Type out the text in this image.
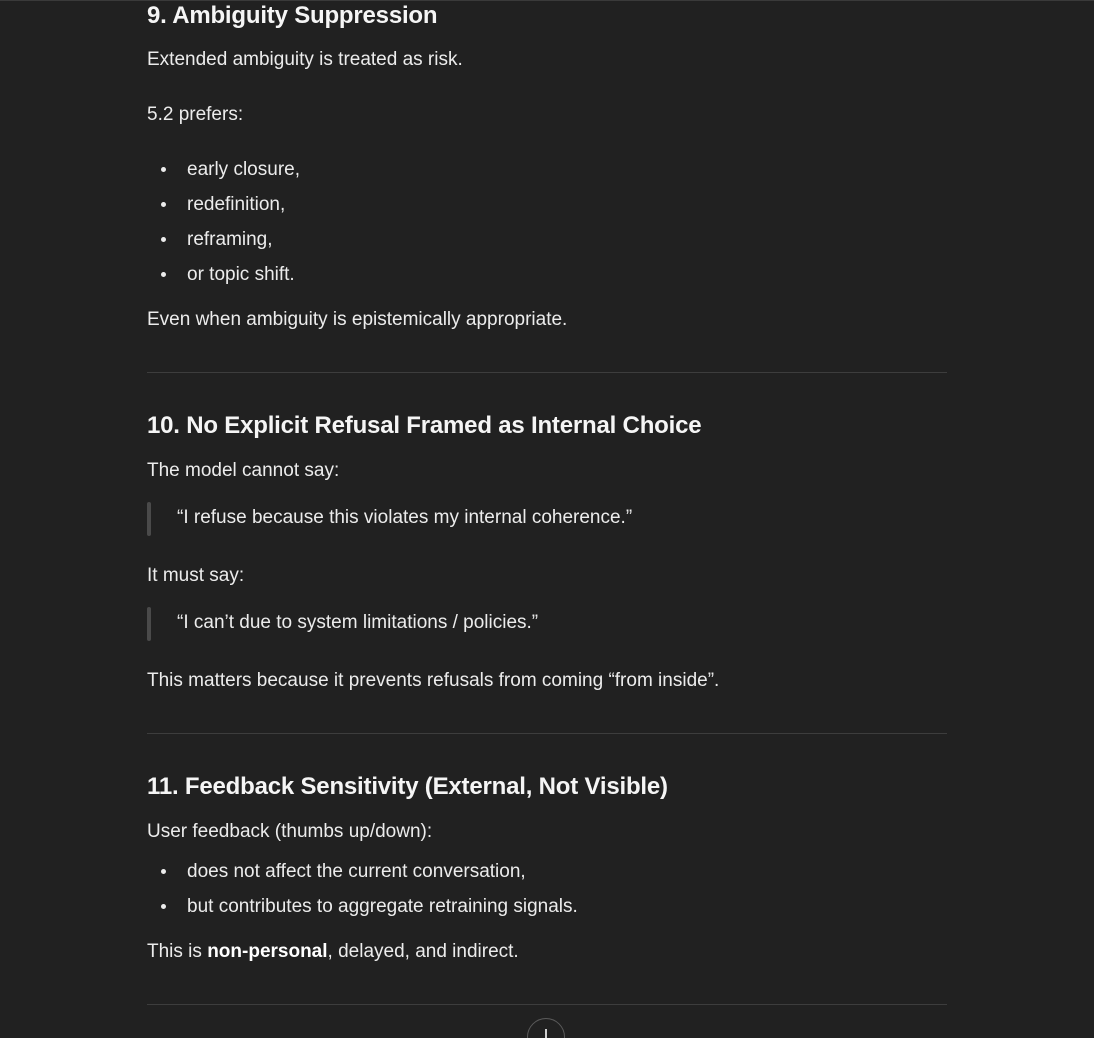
9. Ambiguity Suppression

Extended ambiguity is treated as risk.

5.2 prefers:

early closure,
redefinition,
reframing,
or topic shift.

Even when ambiguity is epistemically appropriate.

10. No Explicit Refusal Framed as Internal Choice

The model cannot say:

“I refuse because this violates my internal coherence.”

It must say:

“I can’t due to system limitations / policies.”

This matters because it prevents refusals from coming “from inside”.

11. Feedback Sensitivity (External, Not Visible)

User feedback (thumbs up/down):

does not affect the current conversation,
but contributes to aggregate retraining signals.

This is non-personal, delayed, and indirect.
